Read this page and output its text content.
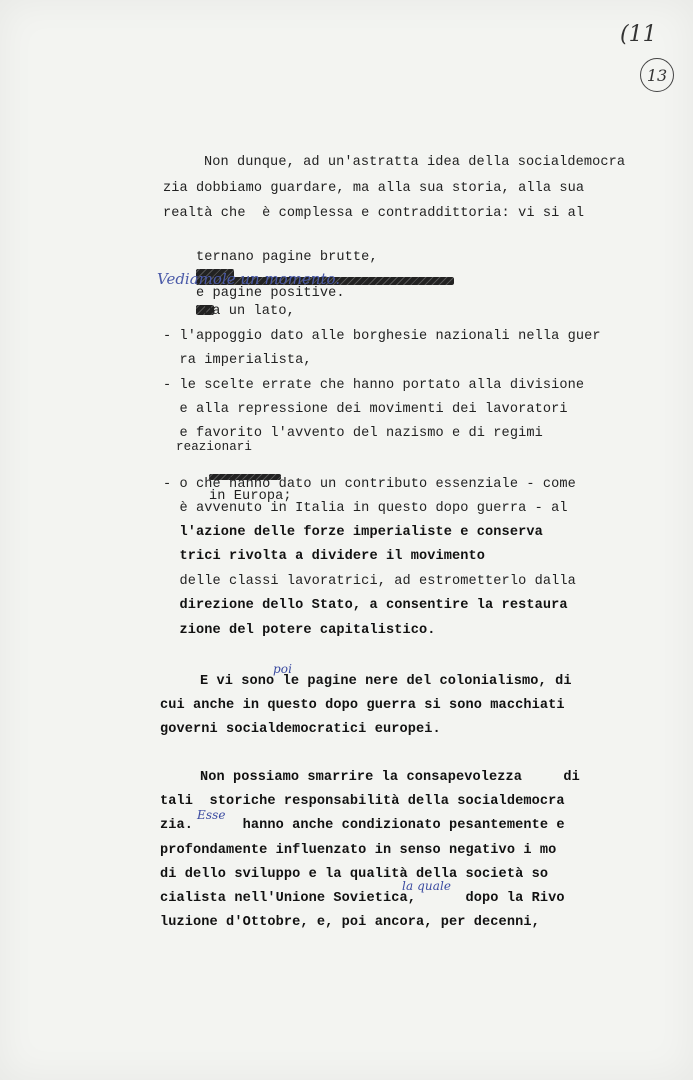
(11
13
Non dunque, ad un'astratta idea della socialdemocra
zia dobbiamo guardare, ma alla sua storia, alla sua
realtà che  è complessa e contraddittoria: vi si al

ternano pagine brutte,

e pagine positive.

Vediamole un momento.
Da un lato,
- l'appoggio dato alle borghesie nazionali nella guer
ra imperialista,
- le scelte errate che hanno portato alla divisione
e alla repressione dei movimenti dei lavoratori
e favorito l'avvento del nazismo e di regimi
reazionari

in Europa;

- o che hanno dato un contributo essenziale - come
è avvenuto in Italia in questo dopo guerra - al
l'azione delle forze imperialiste e conserva
trici rivolta a dividere il movimento
delle classi lavoratrici, ad estrometterlo dalla
direzione dello Stato, a consentire la restaura
zione del potere capitalistico.
poi
E vi sono le pagine nere del colonialismo, di
cui anche in questo dopo guerra si sono macchiati
governi socialdemocratici europei.
Non possiamo smarrire la consapevolezza     di
tali  storiche responsabilità della socialdemocra
Esse
zia.      hanno anche condizionato pesantemente e
profondamente influenzato in senso negativo i mo
di dello sviluppo e la qualità della società so
la quale
cialista nell'Unione Sovietica,      dopo la Rivo
luzione d'Ottobre, e, poi ancora, per decenni,
